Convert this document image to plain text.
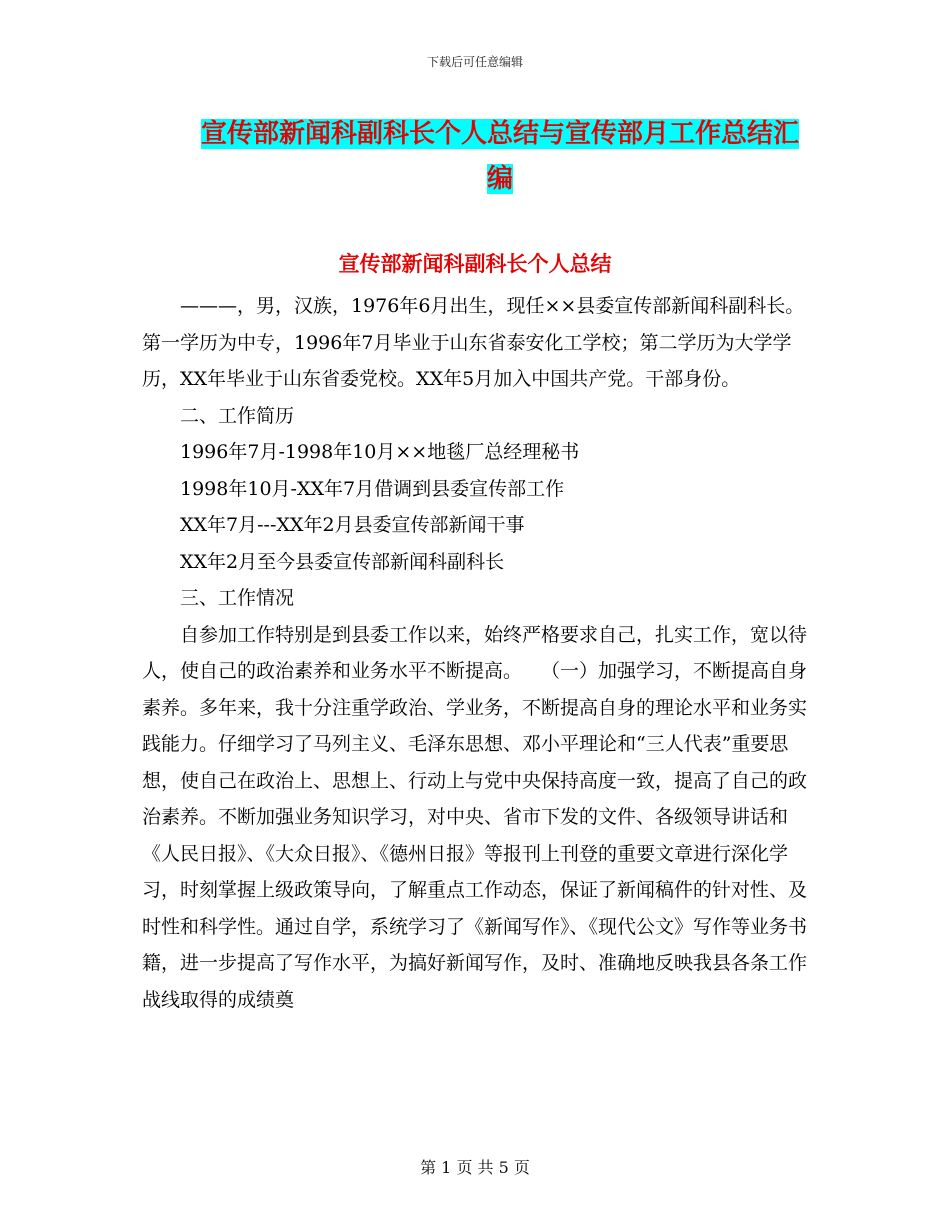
下载后可任意编辑
宣传部新闻科副科长个人总结与宣传部月工作总结汇编
宣传部新闻科副科长个人总结

———，男，汉族，1976年6月出生，现任××县委宣传部新闻科副科长。第一学历为中专，1996年7月毕业于山东省泰安化工学校；第二学历为大学学历，XX年毕业于山东省委党校。XX年5月加入中国共产党。干部身份。

二、工作简历

1996年7月-1998年10月××地毯厂总经理秘书

1998年10月-XX年7月借调到县委宣传部工作

XX年7月---XX年2月县委宣传部新闻干事

XX年2月至今县委宣传部新闻科副科长

三、工作情况

自参加工作特别是到县委工作以来，始终严格要求自己，扎实工作，宽以待人，使自己的政治素养和业务水平不断提高。　　（一）加强学习，不断提高自身素养。多年来，我十分注重学政治、学业务，不断提高自身的理论水平和业务实践能力。仔细学习了马列主义、毛泽东思想、邓小平理论和“三人代表”重要思想，使自己在政治上、思想上、行动上与党中央保持高度一致，提高了自己的政治素养。不断加强业务知识学习，对中央、省市下发的文件、各级领导讲话和《人民日报》、《大众日报》、《德州日报》等报刊上刊登的重要文章进行深化学习，时刻掌握上级政策导向，了解重点工作动态，保证了新闻稿件的针对性、及时性和科学性。通过自学，系统学习了《新闻写作》、《现代公文》写作等业务书籍，进一步提高了写作水平，为搞好新闻写作，及时、准确地反映我县各条工作战线取得的成绩奠

第 1 页 共 5 页
